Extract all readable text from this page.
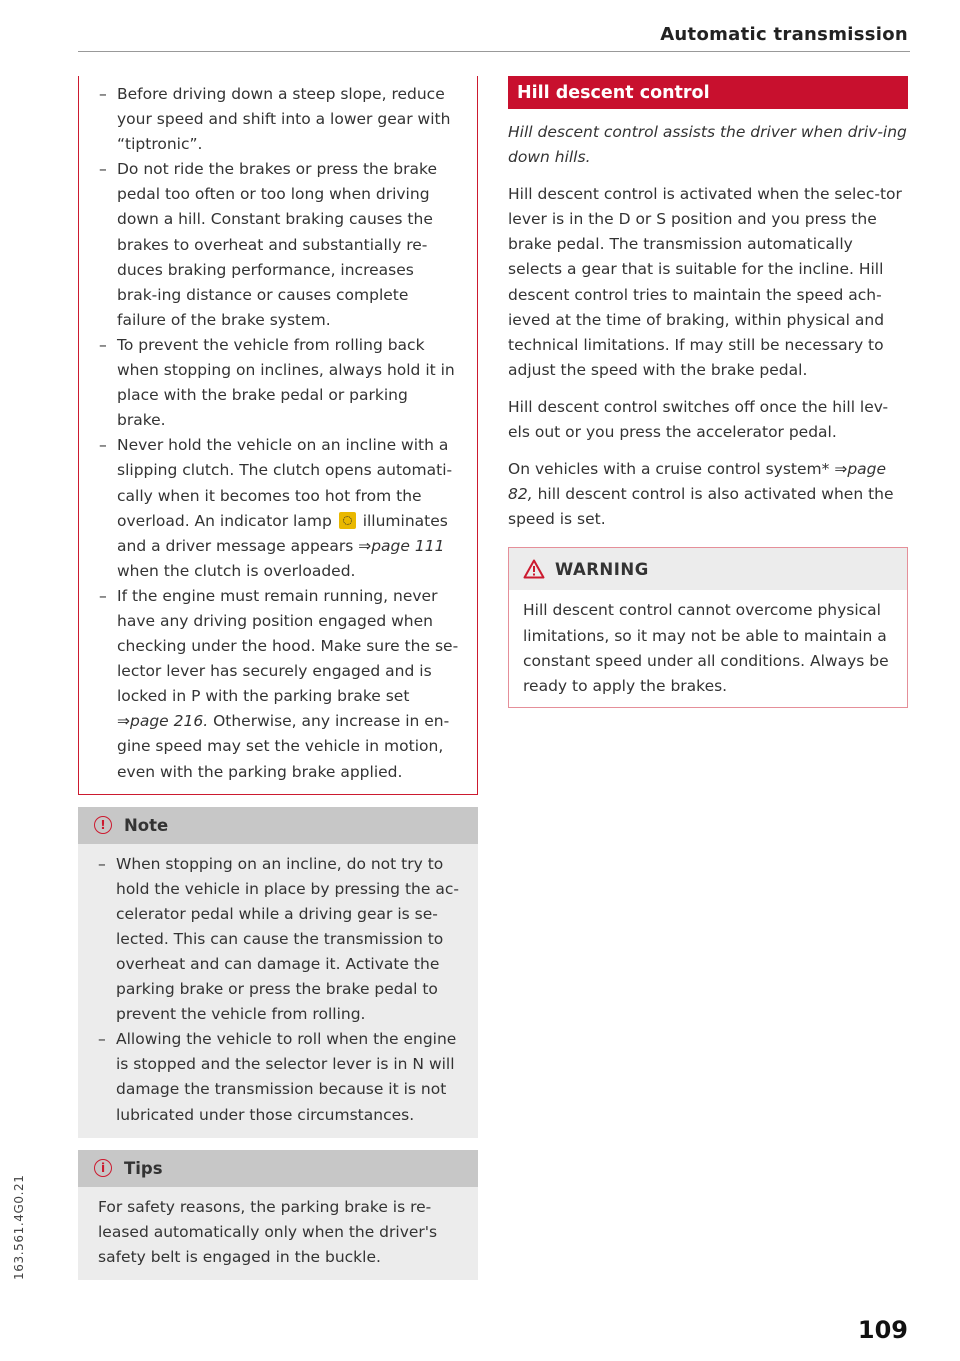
Automatic transmission
163.561.4G0.21
– Before driving down a steep slope, reduce your speed and shift into a lower gear with “tiptronic”.
– Do not ride the brakes or press the brake pedal too often or too long when driving down a hill. Constant braking causes the brakes to overheat and substantially re-duces braking performance, increases brak-ing distance or causes complete failure of the brake system.
– To prevent the vehicle from rolling back when stopping on inclines, always hold it in place with the brake pedal or parking brake.
– Never hold the vehicle on an incline with a slipping clutch. The clutch opens automati-cally when it becomes too hot from the overload. An indicator lamp illuminates and a driver message appears ⇒page 111 when the clutch is overloaded.
– If the engine must remain running, never have any driving position engaged when checking under the hood. Make sure the se-lector lever has securely engaged and is locked in P with the parking brake set ⇒page 216. Otherwise, any increase in en-gine speed may set the vehicle in motion, even with the parking brake applied.
!	Note
– When stopping on an incline, do not try to hold the vehicle in place by pressing the ac-celerator pedal while a driving gear is se-lected. This can cause the transmission to overheat and can damage it. Activate the parking brake or press the brake pedal to prevent the vehicle from rolling.
– Allowing the vehicle to roll when the engine is stopped and the selector lever is in N will damage the transmission because it is not lubricated under those circumstances.
i	Tips

For safety reasons, the parking brake is re-leased automatically only when the driver's safety belt is engaged in the buckle.

Hill descent control

Hill descent control assists the driver when driv-ing down hills.

Hill descent control is activated when the selec-tor lever is in the D or S position and you press the brake pedal. The transmission automatically selects a gear that is suitable for the incline. Hill descent control tries to maintain the speed ach-ieved at the time of braking, within physical and technical limitations. If may still be necessary to adjust the speed with the brake pedal.

Hill descent control switches off once the hill lev-els out or you press the accelerator pedal.

On vehicles with a cruise control system* ⇒page 82, hill descent control is also activated when the speed is set.

WARNING

Hill descent control cannot overcome physical limitations, so it may not be able to maintain a constant speed under all conditions. Always be ready to apply the brakes.

109
